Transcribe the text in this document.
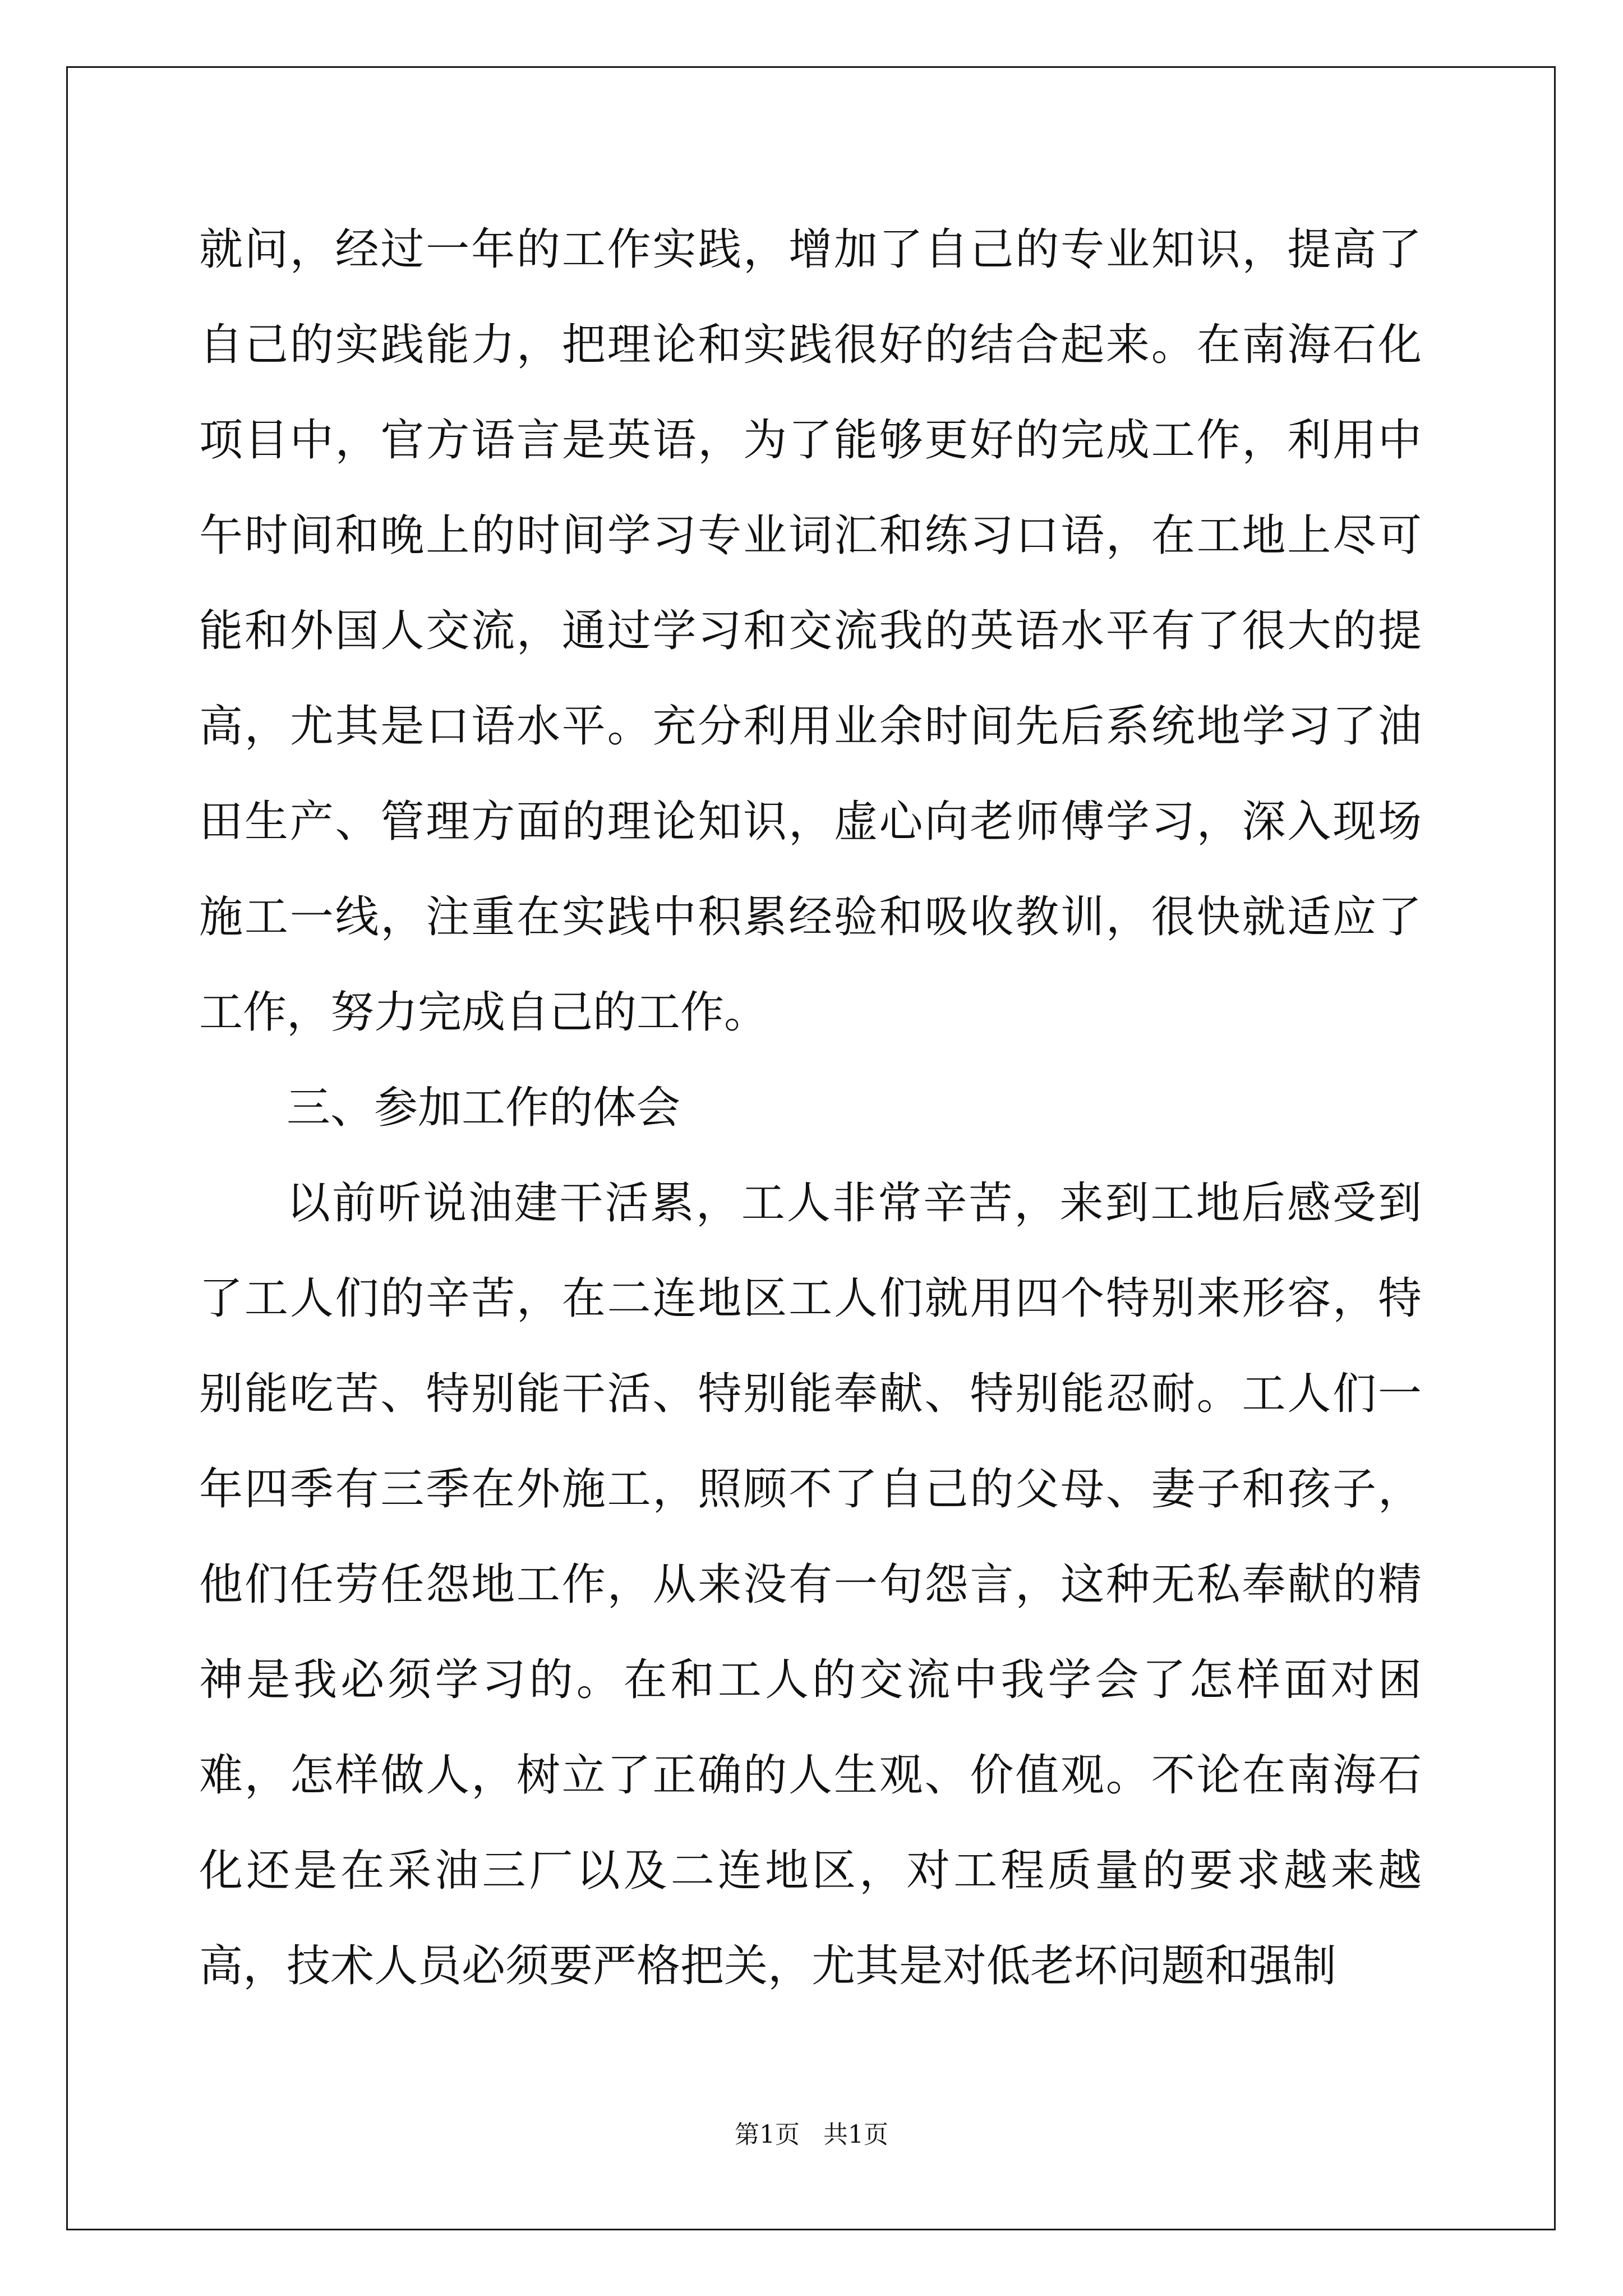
就问，经过一年的工作实践，增加了自己的专业知识，提高了自己的实践能力，把理论和实践很好的结合起来。在南海石化项目中，官方语言是英语，为了能够更好的完成工作，利用中午时间和晚上的时间学习专业词汇和练习口语，在工地上尽可能和外国人交流，通过学习和交流我的英语水平有了很大的提高，尤其是口语水平。充分利用业余时间先后系统地学习了油田生产、管理方面的理论知识，虚心向老师傅学习，深入现场施工一线，注重在实践中积累经验和吸收教训，很快就适应了工作，努力完成自己的工作。

三、参加工作的体会

以前听说油建干活累，工人非常辛苦，来到工地后感受到了工人们的辛苦，在二连地区工人们就用四个特别来形容，特别能吃苦、特别能干活、特别能奉献、特别能忍耐。工人们一年四季有三季在外施工，照顾不了自己的父母、妻子和孩子，他们任劳任怨地工作，从来没有一句怨言，这种无私奉献的精神是我必须学习的。在和工人的交流中我学会了怎样面对困难，怎样做人，树立了正确的人生观、价值观。不论在南海石化还是在采油三厂以及二连地区，对工程质量的要求越来越高，技术人员必须要严格把关，尤其是对低老坏问题和强制

第1页 共1页
